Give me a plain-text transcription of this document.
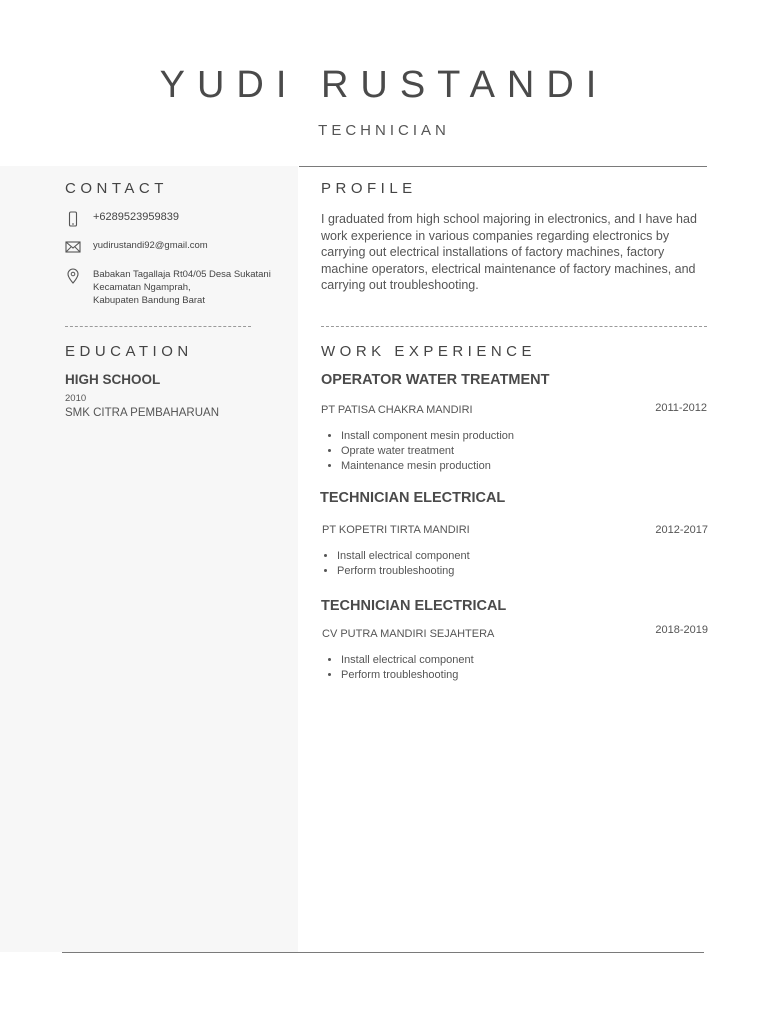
YUDI RUSTANDI

TECHNICIAN

CONTACT
+6289523959839
yudirustandi92@gmail.com
Babakan Tagallaja Rt04/05 Desa Sukatani
Kecamatan Ngamprah,
Kabupaten Bandung Barat
EDUCATION

HIGH SCHOOL

2010

SMK CITRA PEMBAHARUAN

PROFILE

I graduated from high school majoring in electronics, and I have had work experience in various companies regarding electronics by carrying out electrical installations of factory machines, factory machine operators, electrical maintenance of factory machines, and carrying out troubleshooting.

WORK EXPERIENCE

OPERATOR WATER TREATMENT

PT PATISA CHAKRA MANDIRI	2011-2012

• Install component mesin production
• Oprate water treatment
• Maintenance mesin production

TECHNICIAN ELECTRICAL

PT KOPETRI TIRTA MANDIRI	2012-2017

• Install electrical component
• Perform troubleshooting

TECHNICIAN ELECTRICAL

CV PUTRA MANDIRI SEJAHTERA	2018-2019

• Install electrical component
• Perform troubleshooting
